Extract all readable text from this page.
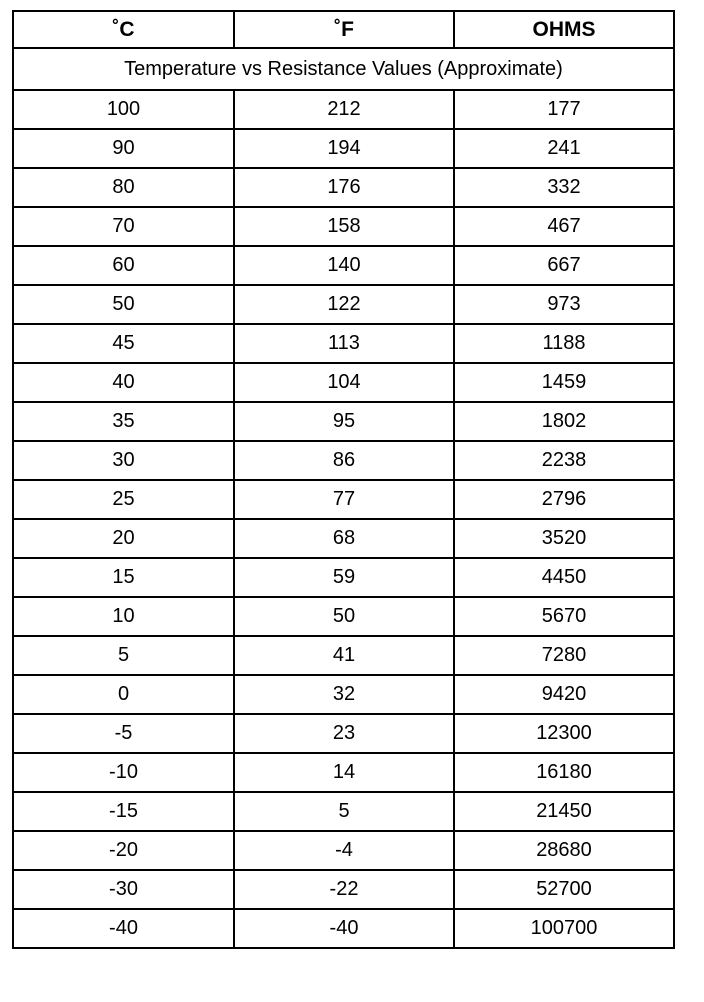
˚C	˚F	OHMS
Temperature vs Resistance Values (Approximate)		
100	212	177
90	194	241
80	176	332
70	158	467
60	140	667
50	122	973
45	113	1188
40	104	1459
35	95	1802
30	86	2238
25	77	2796
20	68	3520
15	59	4450
10	50	5670
5	41	7280
0	32	9420
-5	23	12300
-10	14	16180
-15	5	21450
-20	-4	28680
-30	-22	52700
-40	-40	100700
